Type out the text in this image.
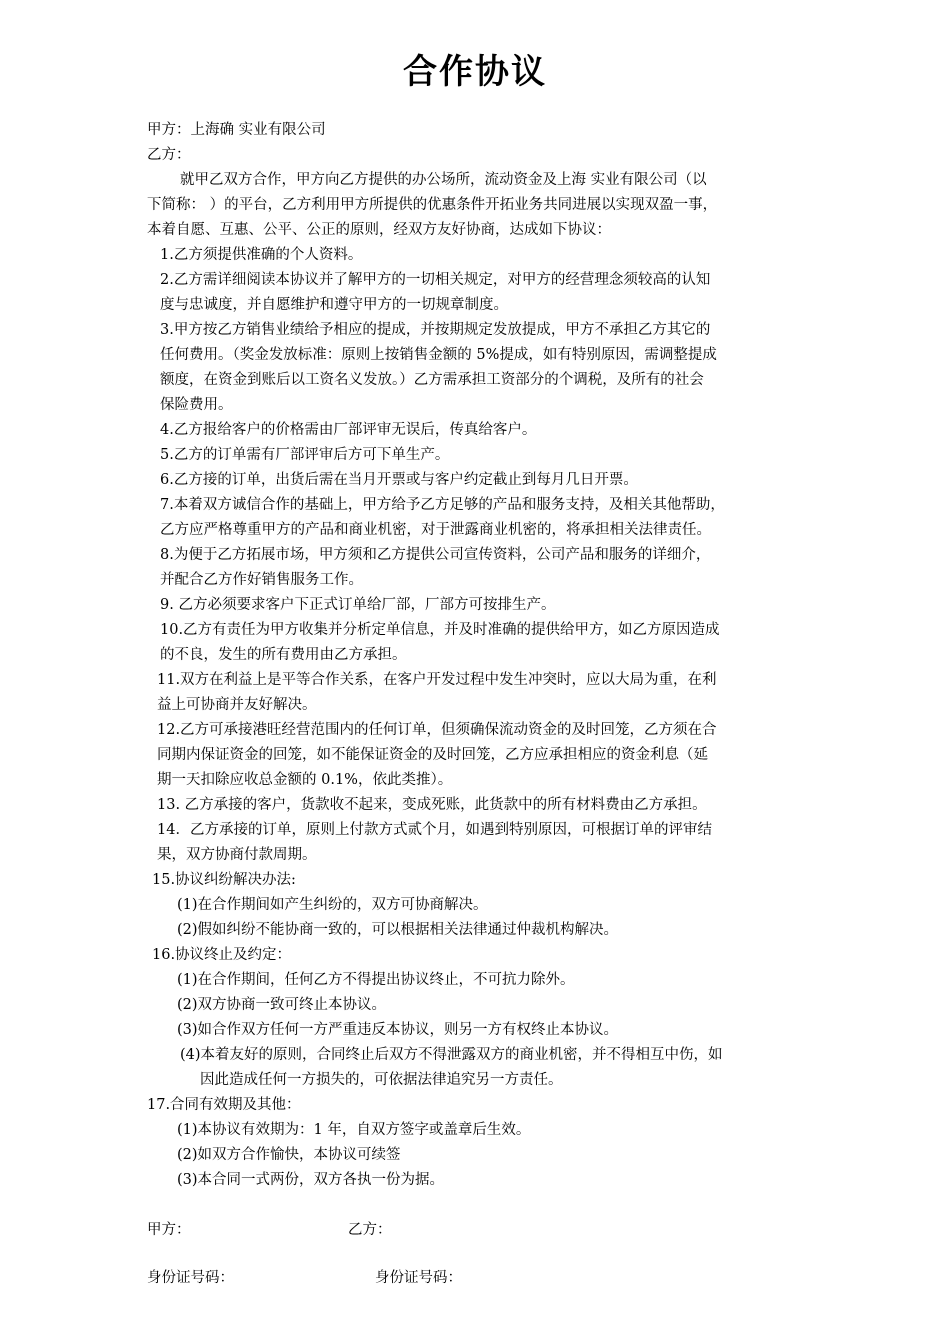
合作协议
甲方：上海确 实业有限公司
乙方：
就甲乙双方合作，甲方向乙方提供的办公场所，流动资金及上海 实业有限公司（以
下简称： ）的平台，乙方利用甲方所提供的优惠条件开拓业务共同进展以实现双盈一事，
本着自愿、互惠、公平、公正的原则，经双方友好协商，达成如下协议：
1.乙方须提供准确的个人资料。
2.乙方需详细阅读本协议并了解甲方的一切相关规定，对甲方的经营理念须较高的认知
度与忠诚度，并自愿维护和遵守甲方的一切规章制度。
3.甲方按乙方销售业绩给予相应的提成，并按期规定发放提成，甲方不承担乙方其它的
任何费用。（奖金发放标准：原则上按销售金额的 5%提成，如有特别原因，需调整提成
额度，在资金到账后以工资名义发放。）乙方需承担工资部分的个调税，及所有的社会
保险费用。
4.乙方报给客户的价格需由厂部评审无误后，传真给客户。
5.乙方的订单需有厂部评审后方可下单生产。
6.乙方接的订单，出货后需在当月开票或与客户约定截止到每月几日开票。
7.本着双方诚信合作的基础上，甲方给予乙方足够的产品和服务支持，及相关其他帮助，
乙方应严格尊重甲方的产品和商业机密，对于泄露商业机密的，将承担相关法律责任。
8.为便于乙方拓展市场，甲方须和乙方提供公司宣传资料，公司产品和服务的详细介，
并配合乙方作好销售服务工作。
9. 乙方必须要求客户下正式订单给厂部，厂部方可按排生产。
10.乙方有责任为甲方收集并分析定单信息，并及时准确的提供给甲方，如乙方原因造成
的不良，发生的所有费用由乙方承担。
11.双方在利益上是平等合作关系，在客户开发过程中发生冲突时，应以大局为重，在利
益上可协商并友好解决。
12.乙方可承接港旺经营范围内的任何订单，但须确保流动资金的及时回笼，乙方须在合
同期内保证资金的回笼，如不能保证资金的及时回笼，乙方应承担相应的资金利息（延
期一天扣除应收总金额的 0.1%，依此类推）。
13. 乙方承接的客户，货款收不起来，变成死账，此货款中的所有材料费由乙方承担。
14．乙方承接的订单，原则上付款方式贰个月，如遇到特别原因，可根据订单的评审结
果，双方协商付款周期。
15.协议纠纷解决办法:
(1)在合作期间如产生纠纷的，双方可协商解决。
(2)假如纠纷不能协商一致的，可以根据相关法律通过仲裁机构解决。
16.协议终止及约定：
(1)在合作期间，任何乙方不得提出协议终止，不可抗力除外。
(2)双方协商一致可终止本协议。
(3)如合作双方任何一方严重违反本协议，则另一方有权终止本协议。
(4)本着友好的原则，合同终止后双方不得泄露双方的商业机密，并不得相互中伤，如
因此造成任何一方损失的，可依据法律追究另一方责任。
17.合同有效期及其他：
(1)本协议有效期为：1 年，自双方签字或盖章后生效。
(2)如双方合作愉快，本协议可续签
(3)本合同一式两份，双方各执一份为据。
甲方：	乙方：
身份证号码：	身份证号码：
